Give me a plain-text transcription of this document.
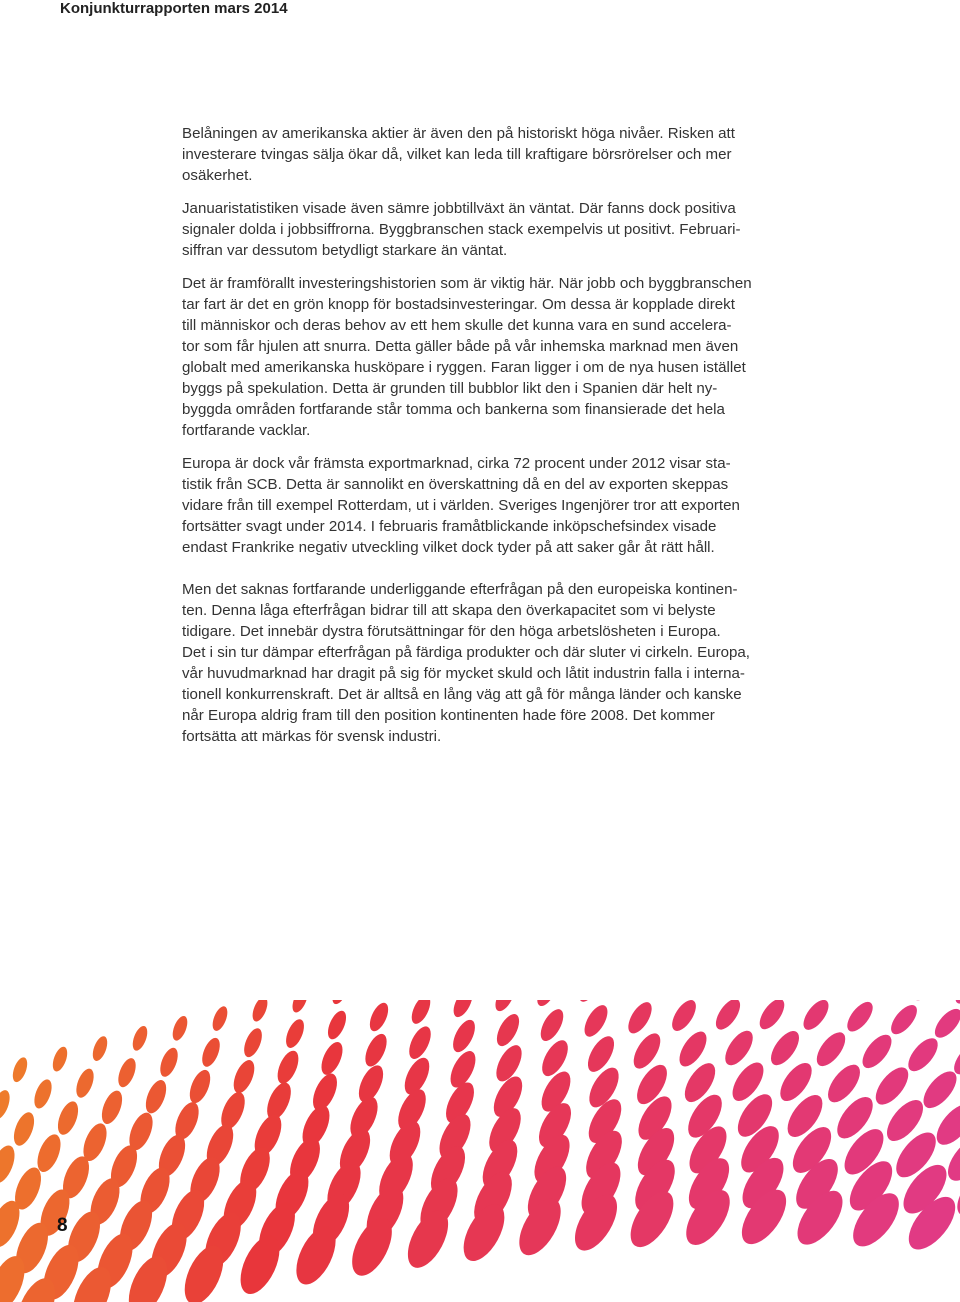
Konjunkturrapporten mars 2014

Belåningen av amerikanska aktier är även den på historiskt höga nivåer. Risken att
investerare tvingas sälja ökar då, vilket kan leda till kraftigare börsrörelser och mer
osäkerhet.

Januaristatistiken visade även sämre jobbtillväxt än väntat. Där fanns dock positiva
signaler dolda i jobbsiffrorna. Byggbranschen stack exempelvis ut positivt. Februari-
siffran var dessutom betydligt starkare än väntat.

Det är framförallt investeringshistorien som är viktig här. När jobb och byggbranschen
tar fart är det en grön knopp för bostadsinvesteringar. Om dessa är kopplade direkt
till människor och deras behov av ett hem skulle det kunna vara en sund accelera-
tor som får hjulen att snurra. Detta gäller både på vår inhemska marknad men även
globalt med amerikanska husköpare i ryggen. Faran ligger i om de nya husen istället
byggs på spekulation. Detta är grunden till bubblor likt den i Spanien där helt ny-
byggda områden fortfarande står tomma och bankerna som finansierade det hela
fortfarande vacklar.

Europa är dock vår främsta exportmarknad, cirka 72 procent under 2012 visar sta-
tistik från SCB. Detta är sannolikt en överskattning då en del av exporten skeppas
vidare från till exempel Rotterdam, ut i världen. Sveriges Ingenjörer tror att exporten
fortsätter svagt under 2014. I februaris framåtblickande inköpschefsindex visade
endast Frankrike negativ utveckling vilket dock tyder på att saker går åt rätt håll.

Men det saknas fortfarande underliggande efterfrågan på den europeiska kontinen-
ten. Denna låga efterfrågan bidrar till att skapa den överkapacitet som vi belyste
tidigare. Det innebär dystra förutsättningar för den höga arbetslösheten i Europa.
Det i sin tur dämpar efterfrågan på färdiga produkter och där sluter vi cirkeln. Europa,
vår huvudmarknad har dragit på sig för mycket skuld och låtit industrin falla i interna-
tionell konkurrenskraft. Det är alltså en lång väg att gå för många länder och kanske
når Europa aldrig fram till den position kontinenten hade före 2008. Det kommer
fortsätta att märkas för svensk industri.

8
